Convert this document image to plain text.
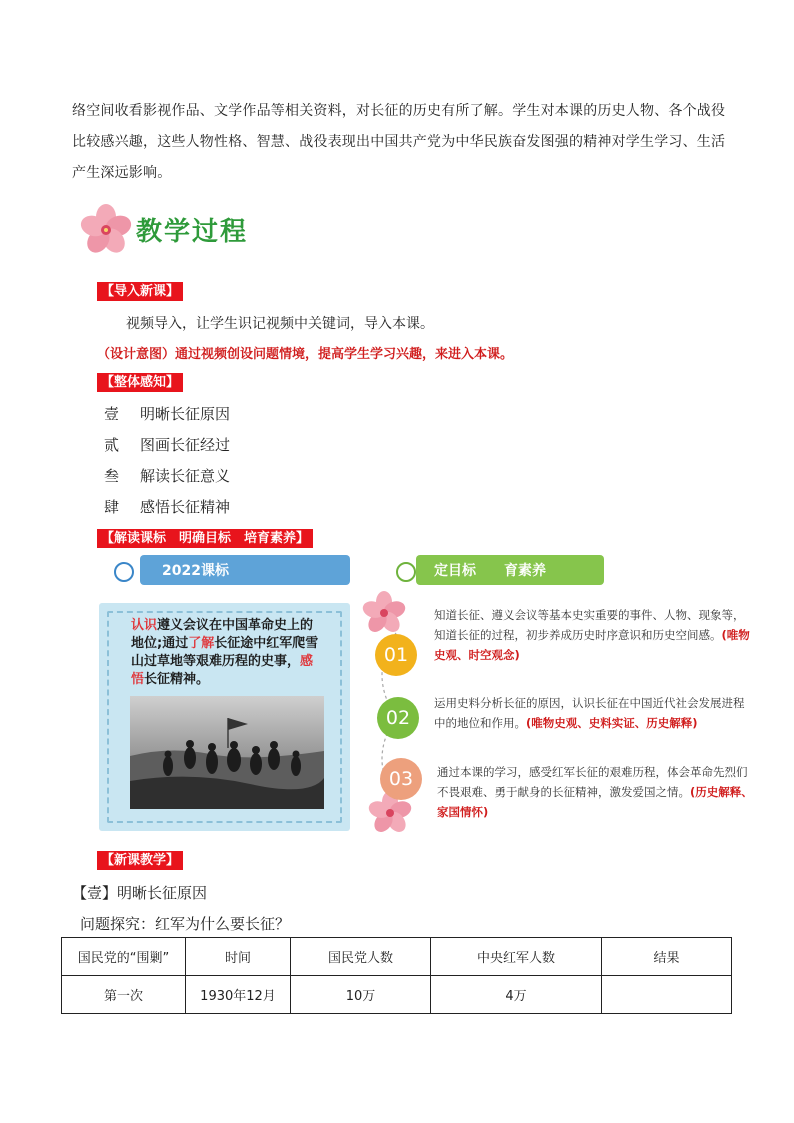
络空间收看影视作品、文学作品等相关资料，对长征的历史有所了解。学生对本课的历史人物、各个战役

比较感兴趣，这些人物性格、智慧、战役表现出中国共产党为中华民族奋发图强的精神对学生学习、生活

产生深远影响。

教学过程
【导入新课】
视频导入，让学生识记视频中关键词，导入本课。
（设计意图）通过视频创设问题情境，提高学生学习兴趣，来进入本课。
【整体感知】
壹	明晰长征原因
贰	图画长征经过
叁	解读长征意义
肆	感悟长征精神
【解读课标　明确目标　培育素养】
2022课标	定目标 育素养
认识遵义会议在中国革命史上的地位;通过了解长征途中红军爬雪山过草地等艰难历程的史事，感悟长征精神。
01
知道长征、遵义会议等基本史实重要的事件、人物、现象等，知道长征的过程，初步养成历史时序意识和历史空间感。(唯物史观、时空观念)
02
运用史料分析长征的原因，认识长征在中国近代社会发展进程中的地位和作用。(唯物史观、史料实证、历史解释)
03 通过本课的学习，感受红军长征的艰难历程，体会革命先烈们不畏艰难、勇于献身的长征精神，激发爱国之情。(历史解释、家国情怀)
【新课教学】
【壹】明晰长征原因
问题探究：红军为什么要长征？
国民党的“围剿”	时间	国民党人数	中央红军人数	结果
第一次	1930年12月	10万	4万	
